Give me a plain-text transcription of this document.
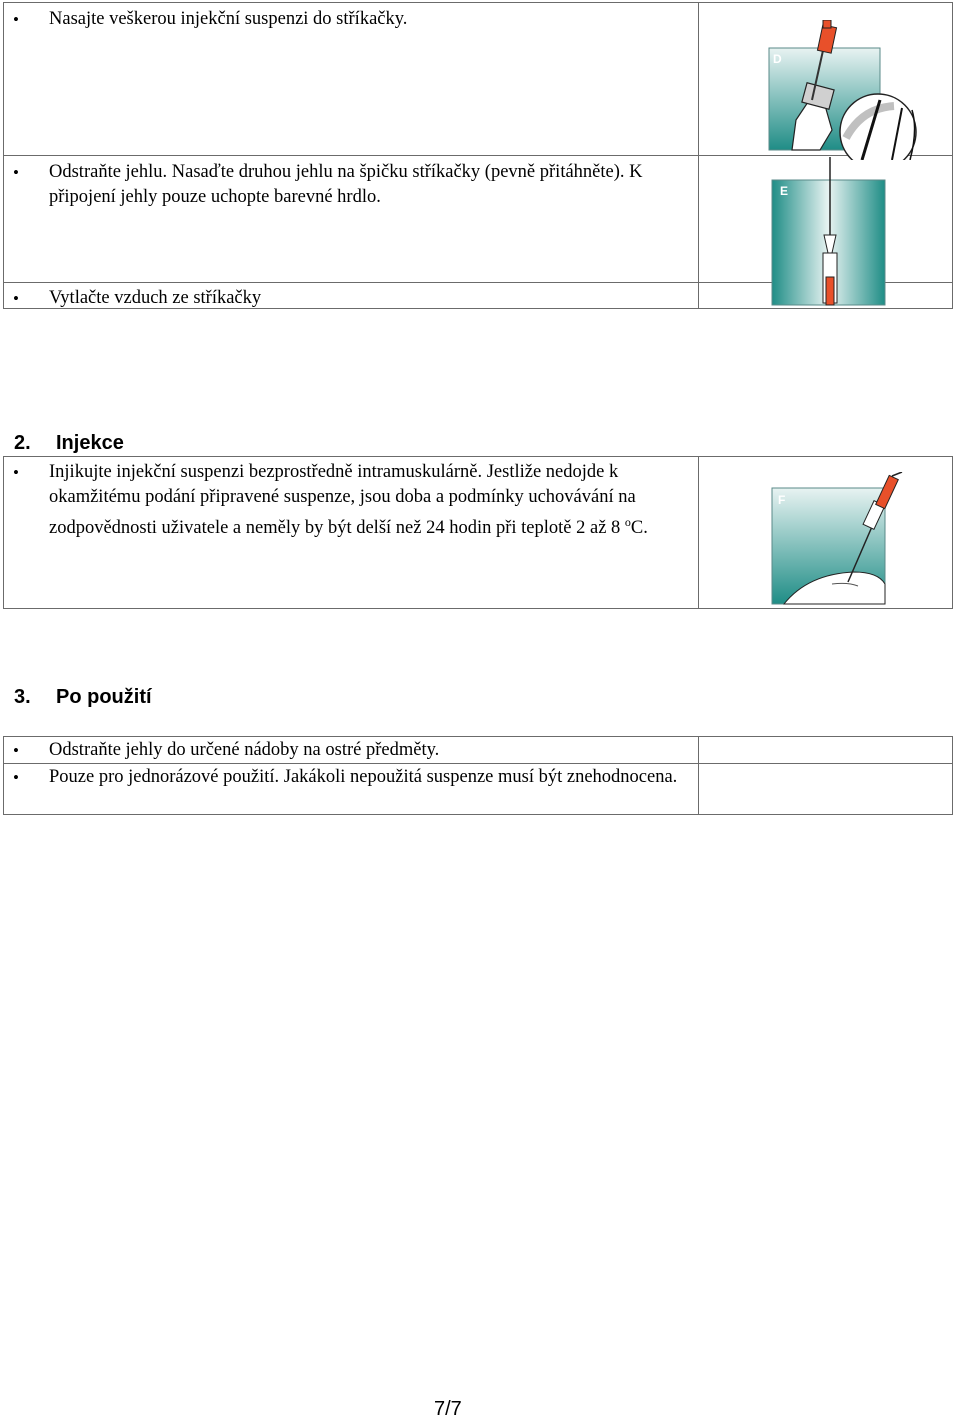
• Nasajte veškerou injekční suspenzi do stříkačky.
• Odstraňte jehlu. Nasaďte druhou jehlu na špičku stříkačky (pevně přitáhněte). K připojení jehly pouze uchopte barevné hrdlo.
• Vytlačte vzduch ze stříkačky
D
E
2. Injekce
• Injikujte injekční suspenzi bezprostředně intramuskulárně. Jestliže nedojde k okamžitému podání připravené suspenze, jsou doba a podmínky uchovávání na zodpovědnosti uživatele a neměly by být delší než 24 hodin při teplotě 2 až 8 $^o$C.
F
3. Po použití
• Odstraňte jehly do určené nádoby na ostré předměty.
• Pouze pro jednorázové použití. Jakákoli nepoužitá suspenze musí být znehodnocena.
7/7
